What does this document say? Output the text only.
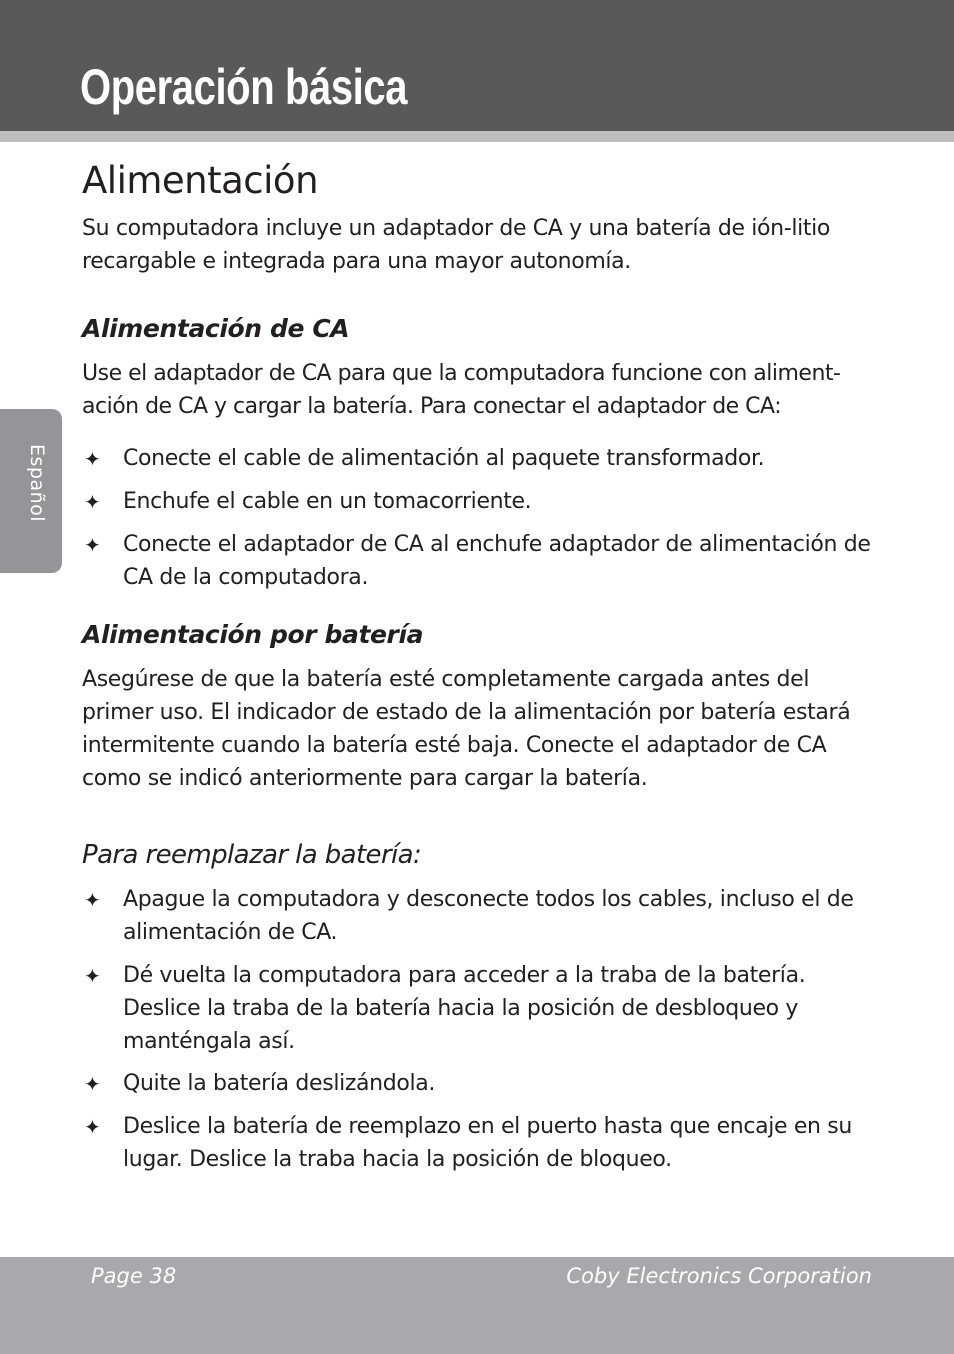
Operación básica
Español
Alimentación

Su computadora incluye un adaptador de CA y una batería de ión-litio recargable e integrada para una mayor autonomía.

Alimentación de CA

Use el adaptador de CA para que la computadora funcione con aliment-ación de CA y cargar la batería. Para conectar el adaptador de CA:

✦ Conecte el cable de alimentación al paquete transformador.
✦ Enchufe el cable en un tomacorriente.
✦ Conecte el adaptador de CA al enchufe adaptador de alimentación de CA de la computadora.
Alimentación por batería

Asegúrese de que la batería esté completamente cargada antes del primer uso. El indicador de estado de la alimentación por batería estará intermitente cuando la batería esté baja. Conecte el adaptador de CA como se indicó anteriormente para cargar la batería.

Para reemplazar la batería:
✦ Apague la computadora y desconecte todos los cables, incluso el de alimentación de CA.
✦ Dé vuelta la computadora para acceder a la traba de la batería. Deslice la traba de la batería hacia la posición de desbloqueo y manténgala así.
✦ Quite la batería deslizándola.
✦ Deslice la batería de reemplazo en el puerto hasta que encaje en su lugar. Deslice la traba hacia la posición de bloqueo.
Page 38	Coby Electronics Corporation
